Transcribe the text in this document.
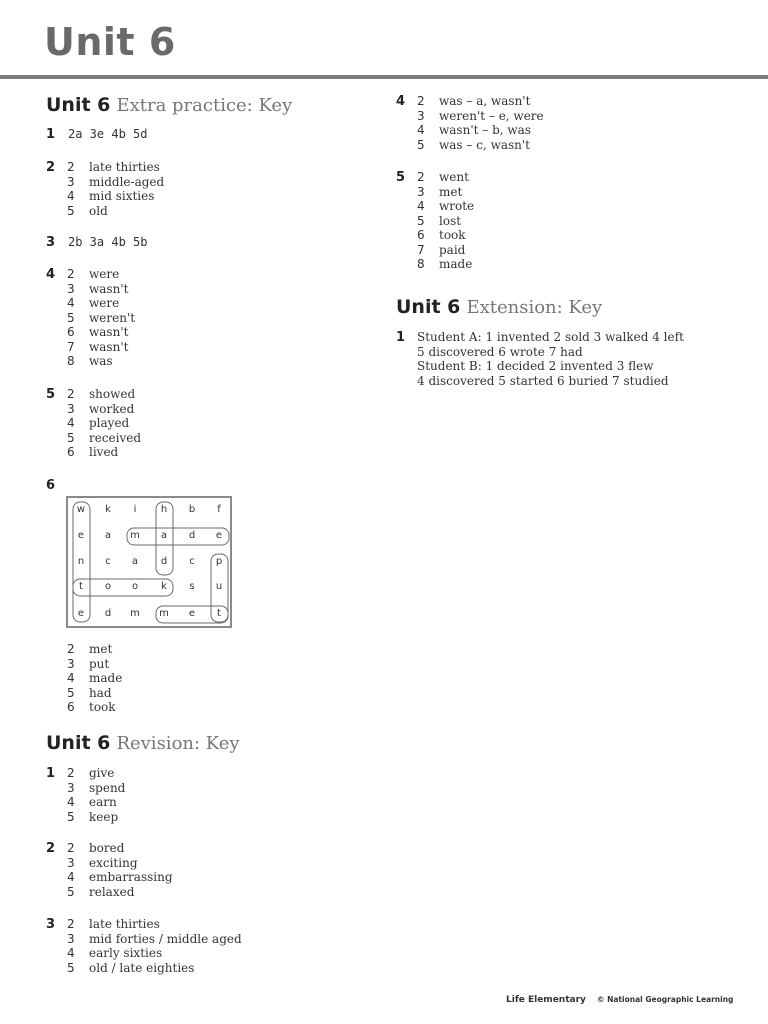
Unit 6
Unit 6 Extra practice: Key
1 2a 3e 4b 5d
2 2 late thirties
3 middle-aged
4 mid sixties
5 old
3 2b 3a 4b 5b
4 2 were
3 wasn't
4 were
5 weren't
6 wasn't
7 wasn't
8 was
5 2 showed
3 worked
4 played
5 received
6 lived
6
w k i h b f
e a m a d e
n c a d c p
t o o k s u
e d m m e t
2 met
3 put
4 made
5 had
6 took
Unit 6 Revision: Key
1 2 give
3 spend
4 earn
5 keep
2 2 bored
3 exciting
4 embarrassing
5 relaxed
3 2 late thirties
3 mid forties / middle aged
4 early sixties
5 old / late eighties
4 2 was – a, wasn't
3 weren't – e, were
4 wasn't – b, was
5 was – c, wasn't
5 2 went
3 met
4 wrote
5 lost
6 took
7 paid
8 made
Unit 6 Extension: Key
1 Student A: 1 invented 2 sold 3 walked 4 left
5 discovered 6 wrote 7 had
Student B: 1 decided 2 invented 3 flew
4 discovered 5 started 6 buried 7 studied
Life Elementary © National Geographic Learning
